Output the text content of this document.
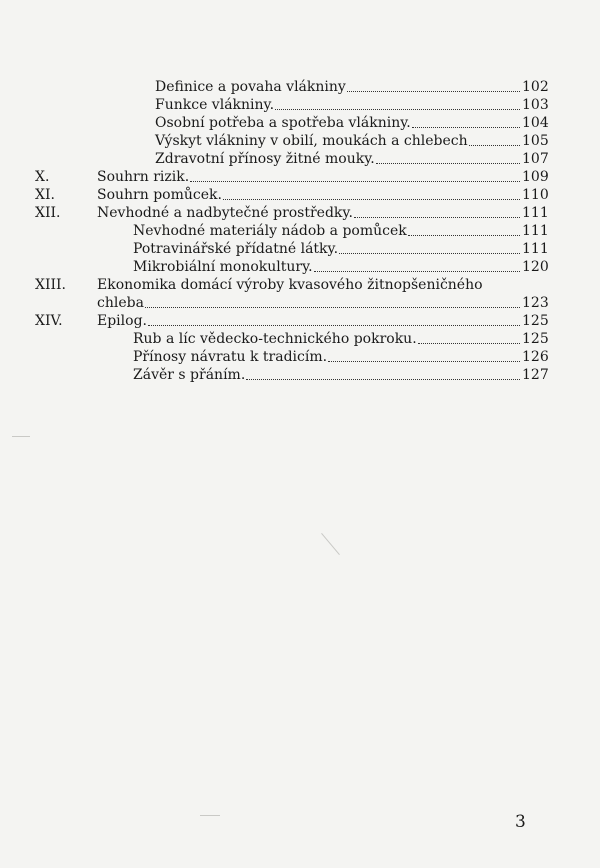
Definice a povaha vlákniny	102
Funkce vlákniny.	103
Osobní potřeba a spotřeba vlákniny.	104
Výskyt vlákniny v obilí, moukách a chlebech	105
Zdravotní přínosy žitné mouky.	107
X.	Souhrn rizik.	109
XI.	Souhrn pomůcek.	110
XII.	Nevhodné a nadbytečné prostředky.	111
Nevhodné materiály nádob a pomůcek	111
Potravinářské přídatné látky.	111
Mikrobiální monokultury.	120
XIII.	Ekonomika domácí výroby kvasového žitnopšeničného
chleba	123
XIV.	Epilog.	125
Rub a líc vědecko-technického pokroku.	125
Přínosy návratu k tradicím.	126
Závěr s přáním.	127
3
